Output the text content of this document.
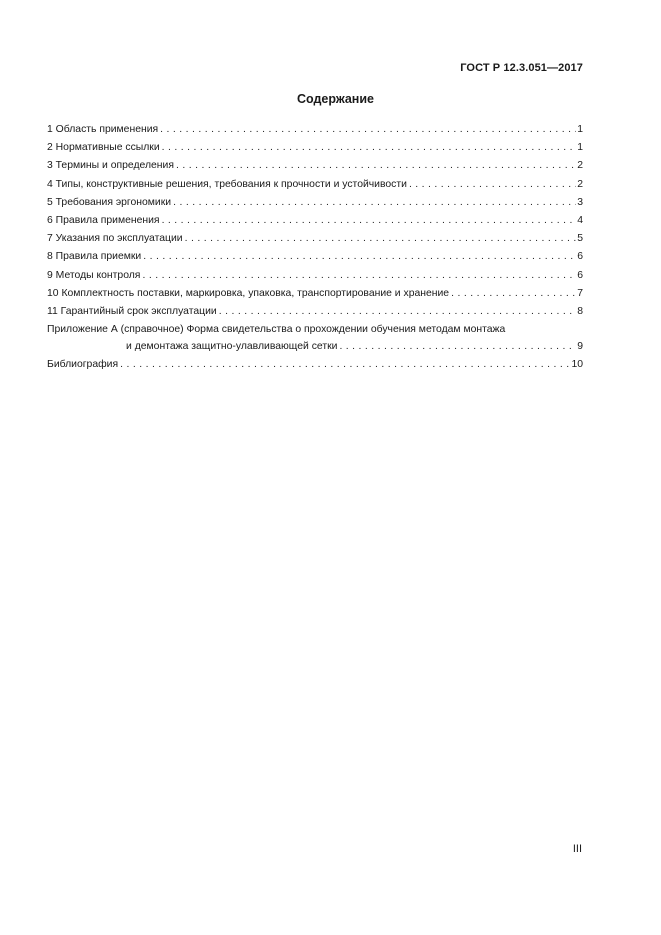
ГОСТ Р 12.3.051—2017
Содержание
1 Область применения . . .	1
2 Нормативные ссылки . . .	1
3 Термины и определения . . .	2
4 Типы, конструктивные решения, требования к прочности и устойчивости . . .	2
5 Требования эргономики . . .	3
6 Правила применения . . .	4
7 Указания по эксплуатации . . .	5
8 Правила приемки . . .	6
9 Методы контроля . . .	6
10 Комплектность поставки, маркировка, упаковка, транспортирование и хранение . . .	7
11 Гарантийный срок эксплуатации . . .	8
Приложение А (справочное) Форма свидетельства о прохождении обучения методам монтажа
и демонтажа защитно-улавливающей сетки . . .	9
Библиография . . .	10
III
